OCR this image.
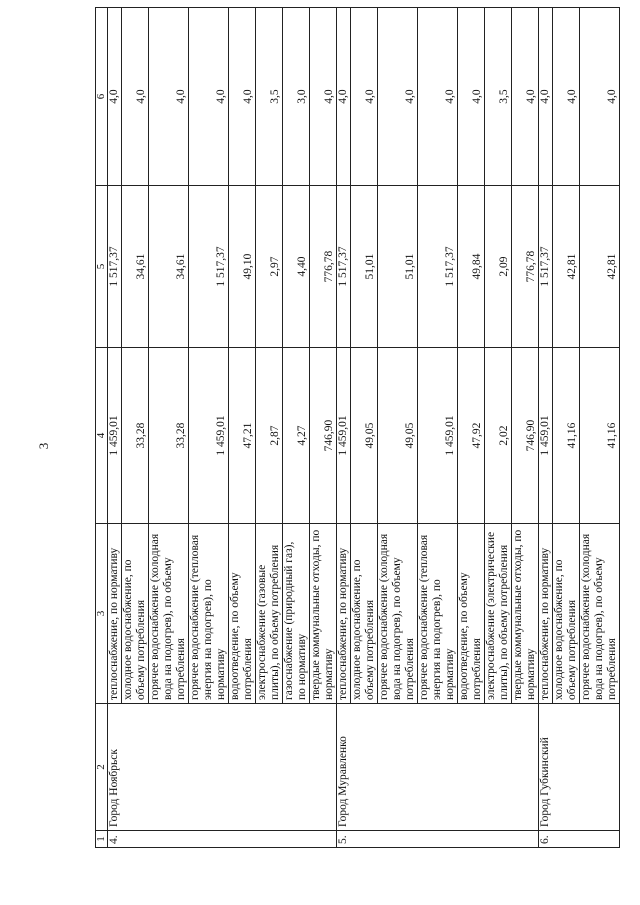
3
1	2	3	4	5	6
4.	Город Ноябрьск	теплоснабжение, по нормативу	1 459,01	1 517,37	4,0
		холодное водоснабжение, по объему потребления	33,28	34,61	4,0
		горячее водоснабжение (холодная вода на подогрев), по объему потребления	33,28	34,61	4,0
		горячее водоснабжение (тепловая энергия на подогрев), по нормативу	1 459,01	1 517,37	4,0
		водоотведение, по объему потребления	47,21	49,10	4,0
		электроснабжение (газовые плиты), по объему потребления	2,87	2,97	3,5
		газоснабжение (природный газ), по нормативу	4,27	4,40	3,0
		твердые коммунальные отходы, по нормативу	746,90	776,78	4,0
5.	Город Муравленко	теплоснабжение, по нормативу	1 459,01	1 517,37	4,0
		холодное водоснабжение, по объему потребления	49,05	51,01	4,0
		горячее водоснабжение (холодная вода на подогрев), по объему потребления	49,05	51,01	4,0
		горячее водоснабжение (тепловая энергия на подогрев), по нормативу	1 459,01	1 517,37	4,0
		водоотведение, по объему потребления	47,92	49,84	4,0
		электроснабжение (электрические плиты), по объему потребления	2,02	2,09	3,5
		твердые коммунальные отходы, по нормативу	746,90	776,78	4,0
6.	Город Губкинский	теплоснабжение, по нормативу	1 459,01	1 517,37	4,0
		холодное водоснабжение, по объему потребления	41,16	42,81	4,0
		горячее водоснабжение (холодная вода на подогрев), по объему потребления	41,16	42,81	4,0
